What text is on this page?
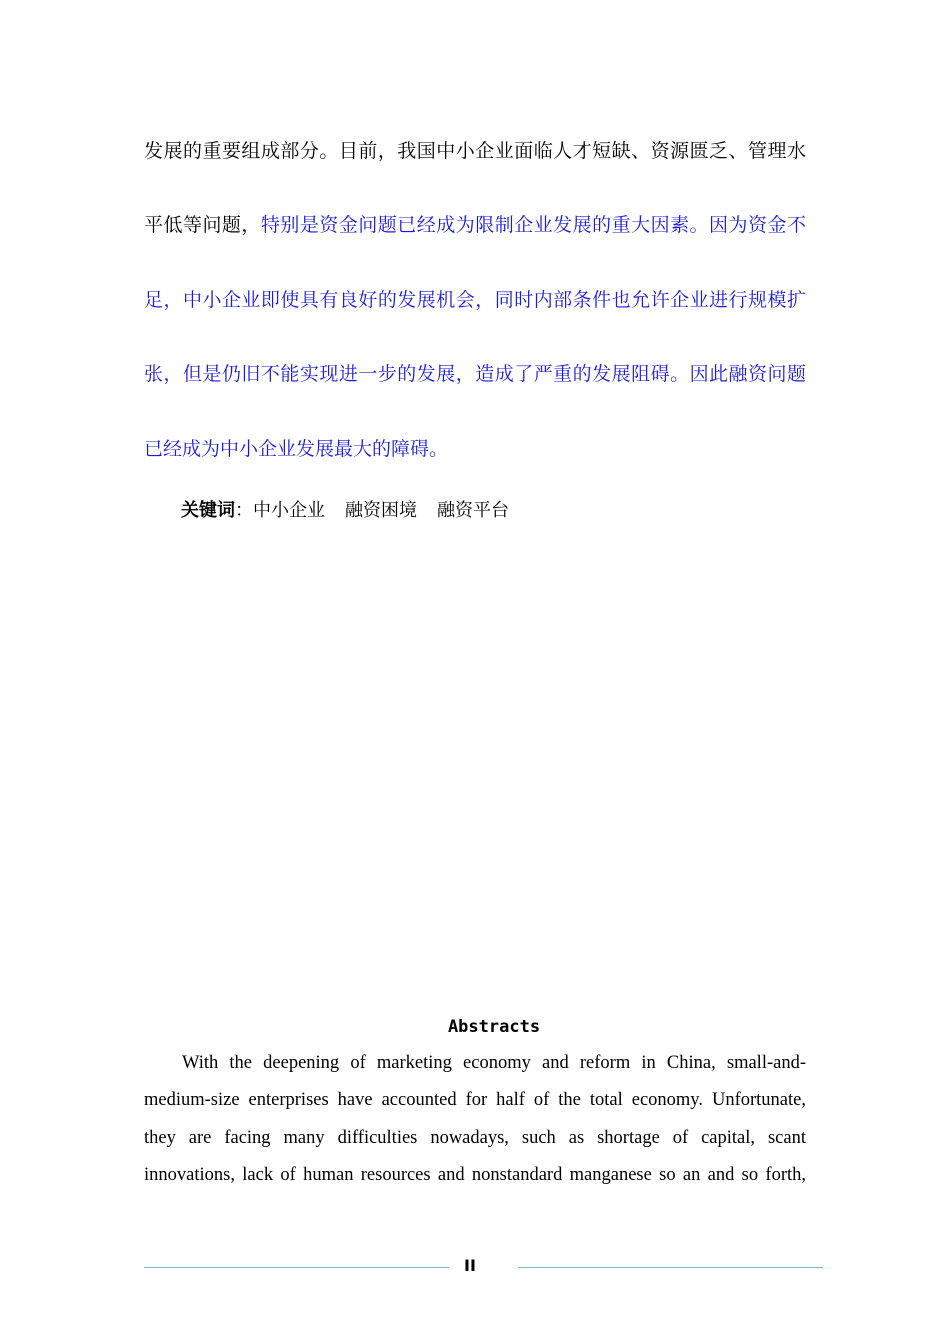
发展的重要组成部分。目前，我国中小企业面临人才短缺、资源匮乏、管理水
平低等问题，特别是资金问题已经成为限制企业发展的重大因素。因为资金不
足，中小企业即使具有良好的发展机会，同时内部条件也允许企业进行规模扩
张，但是仍旧不能实现进一步的发展，造成了严重的发展阻碍。因此融资问题
已经成为中小企业发展最大的障碍。
关键词：中小企业 融资困境 融资平台
Abstracts
With the deepening of marketing economy and reform in China, small-and-
medium-size enterprises have accounted for half of the total economy. Unfortunate,
they are facing many difficulties nowadays, such as shortage of capital, scant
innovations, lack of human resources and nonstandard manganese so an and so forth,
II
